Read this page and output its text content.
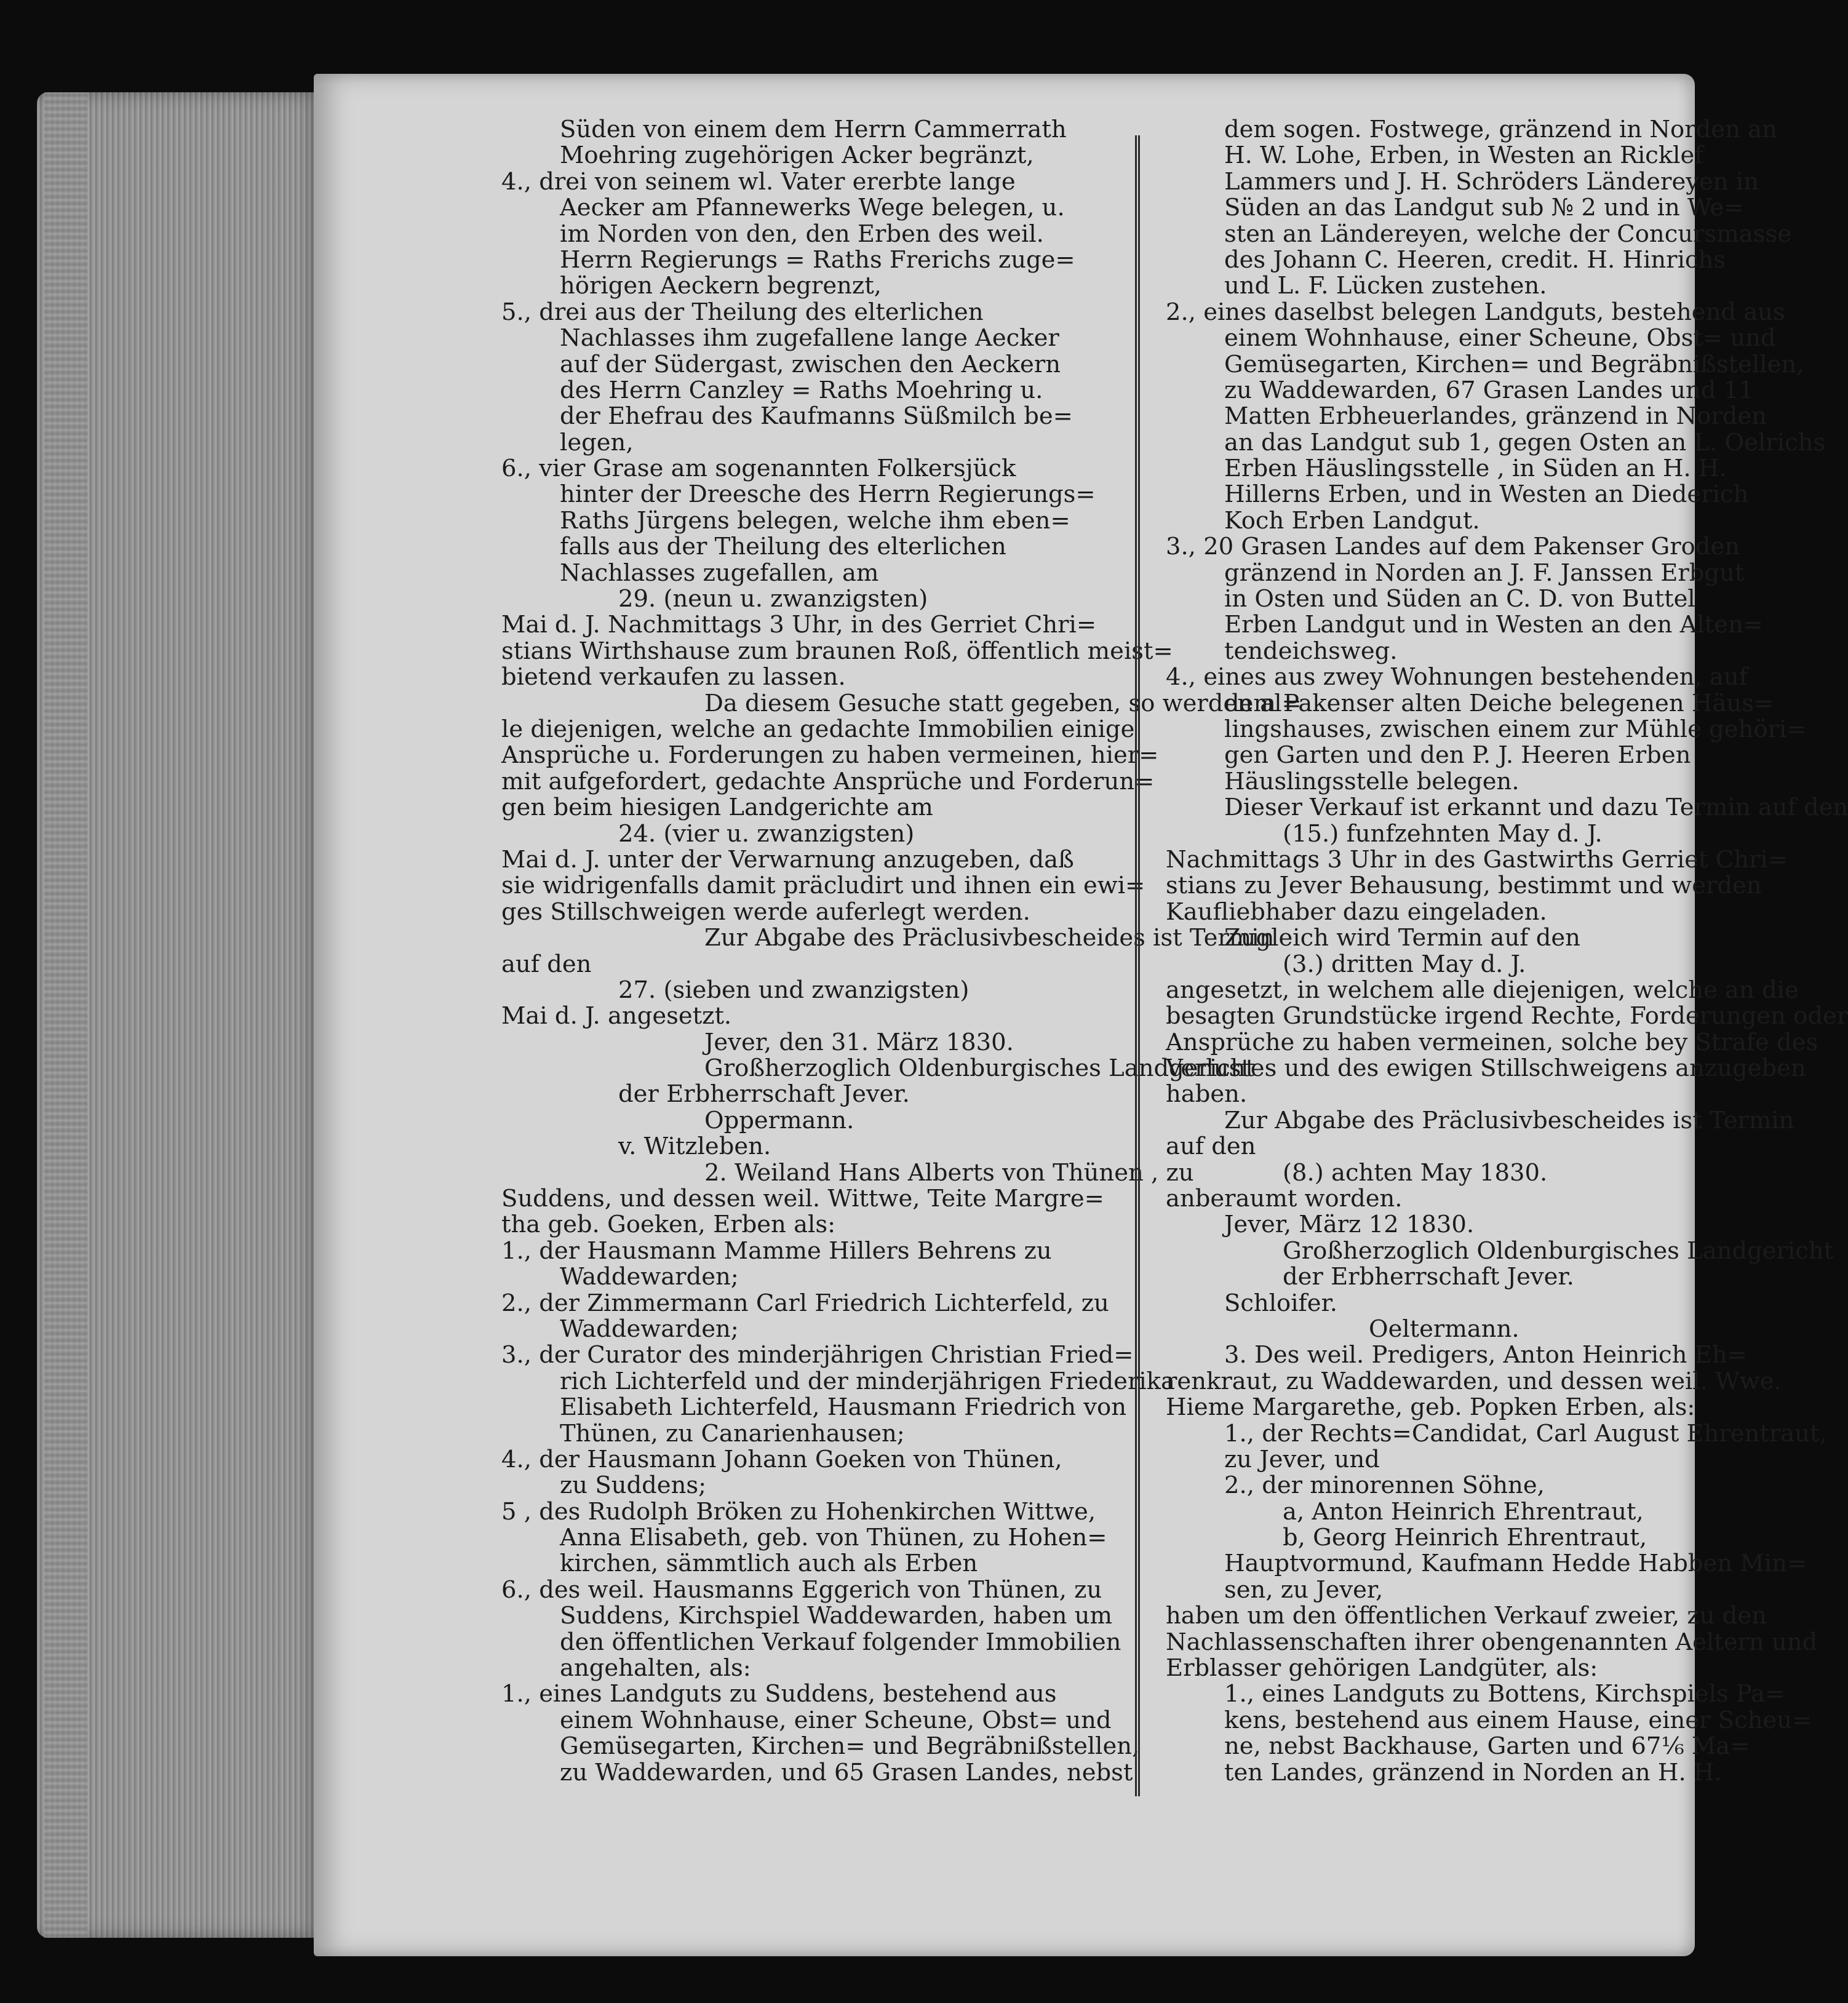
Süden von einem dem Herrn Cammerrath
Moehring zugehörigen Acker begränzt,
4., drei von seinem wl. Vater ererbte lange
Aecker am Pfannewerks Wege belegen, u.
im Norden von den, den Erben des weil.
Herrn Regierungs = Raths Frerichs zuge=
hörigen Aeckern begrenzt,
5., drei aus der Theilung des elterlichen
Nachlasses ihm zugefallene lange Aecker
auf der Südergast, zwischen den Aeckern
des Herrn Canzley = Raths Moehring u.
der Ehefrau des Kaufmanns Süßmilch be=
legen,
6., vier Grase am sogenannten Folkersjück
hinter der Dreesche des Herrn Regierungs=
Raths Jürgens belegen, welche ihm eben=
falls aus der Theilung des elterlichen
Nachlasses zugefallen, am
29. (neun u. zwanzigsten)
Mai d. J. Nachmittags 3 Uhr, in des Gerriet Chri=
stians Wirthshause zum braunen Roß, öffentlich meist=
bietend verkaufen zu lassen.
Da diesem Gesuche statt gegeben, so werden al=
le diejenigen, welche an gedachte Immobilien einige
Ansprüche u. Forderungen zu haben vermeinen, hier=
mit aufgefordert, gedachte Ansprüche und Forderun=
gen beim hiesigen Landgerichte am
24. (vier u. zwanzigsten)
Mai d. J. unter der Verwarnung anzugeben, daß
sie widrigenfalls damit präcludirt und ihnen ein ewi=
ges Stillschweigen werde auferlegt werden.
Zur Abgabe des Präclusivbescheides ist Termin
auf den
27. (sieben und zwanzigsten)
Mai d. J. angesetzt.
Jever, den 31. März 1830.
Großherzoglich Oldenburgisches Landgericht
der Erbherrschaft Jever.
Oppermann.
v. Witzleben.
2. Weiland Hans Alberts von Thünen , zu
Suddens, und dessen weil. Wittwe, Teite Margre=
tha geb. Goeken, Erben als:
1., der Hausmann Mamme Hillers Behrens zu
Waddewarden;
2., der Zimmermann Carl Friedrich Lichterfeld, zu
Waddewarden;
3., der Curator des minderjährigen Christian Fried=
rich Lichterfeld und der minderjährigen Friederika
Elisabeth Lichterfeld, Hausmann Friedrich von
Thünen, zu Canarienhausen;
4., der Hausmann Johann Goeken von Thünen,
zu Suddens;
5 , des Rudolph Bröken zu Hohenkirchen Wittwe,
Anna Elisabeth, geb. von Thünen, zu Hohen=
kirchen, sämmtlich auch als Erben
6., des weil. Hausmanns Eggerich von Thünen, zu
Suddens, Kirchspiel Waddewarden, haben um
den öffentlichen Verkauf folgender Immobilien
angehalten, als:
1., eines Landguts zu Suddens, bestehend aus
einem Wohnhause, einer Scheune, Obst= und
Gemüsegarten, Kirchen= und Begräbnißstellen,
zu Waddewarden, und 65 Grasen Landes, nebst
dem sogen. Fostwege, gränzend in Norden an
H. W. Lohe, Erben, in Westen an Ricklef
Lammers und J. H. Schröders Ländereyen in
Süden an das Landgut sub № 2 und in We=
sten an Ländereyen, welche der Concursmasse
des Johann C. Heeren, credit. H. Hinrichs
und L. F. Lücken zustehen.
2., eines daselbst belegen Landguts, bestehend aus
einem Wohnhause, einer Scheune, Obst= und
Gemüsegarten, Kirchen= und Begräbnißstellen,
zu Waddewarden, 67 Grasen Landes und 11
Matten Erbheuerlandes, gränzend in Norden
an das Landgut sub 1, gegen Osten an L. Oelrichs
Erben Häuslingsstelle , in Süden an H. H.
Hillerns Erben, und in Westen an Diederich
Koch Erben Landgut.
3., 20 Grasen Landes auf dem Pakenser Groden
gränzend in Norden an J. F. Janssen Erbgut
in Osten und Süden an C. D. von Buttel
Erben Landgut und in Westen an den Alten=
tendeichsweg.
4., eines aus zwey Wohnungen bestehenden, auf
dem Pakenser alten Deiche belegenen Häus=
lingshauses, zwischen einem zur Mühle gehöri=
gen Garten und den P. J. Heeren Erben
Häuslingsstelle belegen.
Dieser Verkauf ist erkannt und dazu Termin auf den
(15.) funfzehnten May d. J.
Nachmittags 3 Uhr in des Gastwirths Gerriet Chri=
stians zu Jever Behausung, bestimmt und werden
Kaufliebhaber dazu eingeladen.
Zugleich wird Termin auf den
(3.) dritten May d. J.
angesetzt, in welchem alle diejenigen, welche an die
besagten Grundstücke irgend Rechte, Forderungen oder
Ansprüche zu haben vermeinen, solche bey Strafe des
Verlustes und des ewigen Stillschweigens anzugeben
haben.
Zur Abgabe des Präclusivbescheides ist Termin
auf den
(8.) achten May 1830.
anberaumt worden.
Jever, März 12 1830.
Großherzoglich Oldenburgisches Landgericht
der Erbherrschaft Jever.
Schloifer.
Oeltermann.
3. Des weil. Predigers, Anton Heinrich Eh=
renkraut, zu Waddewarden, und dessen weil. Wwe.
Hieme Margarethe, geb. Popken Erben, als:
1., der Rechts=Candidat, Carl August Ehrentraut,
zu Jever, und
2., der minorennen Söhne,
a, Anton Heinrich Ehrentraut,
b, Georg Heinrich Ehrentraut,
Hauptvormund, Kaufmann Hedde Habben Min=
sen, zu Jever,
haben um den öffentlichen Verkauf zweier, zu den
Nachlassenschaften ihrer obengenannten Aeltern und
Erblasser gehörigen Landgüter, als:
1., eines Landguts zu Bottens, Kirchspiels Pa=
kens, bestehend aus einem Hause, einer Scheu=
ne, nebst Backhause, Garten und 67⅙ Ma=
ten Landes, gränzend in Norden an H. H.
